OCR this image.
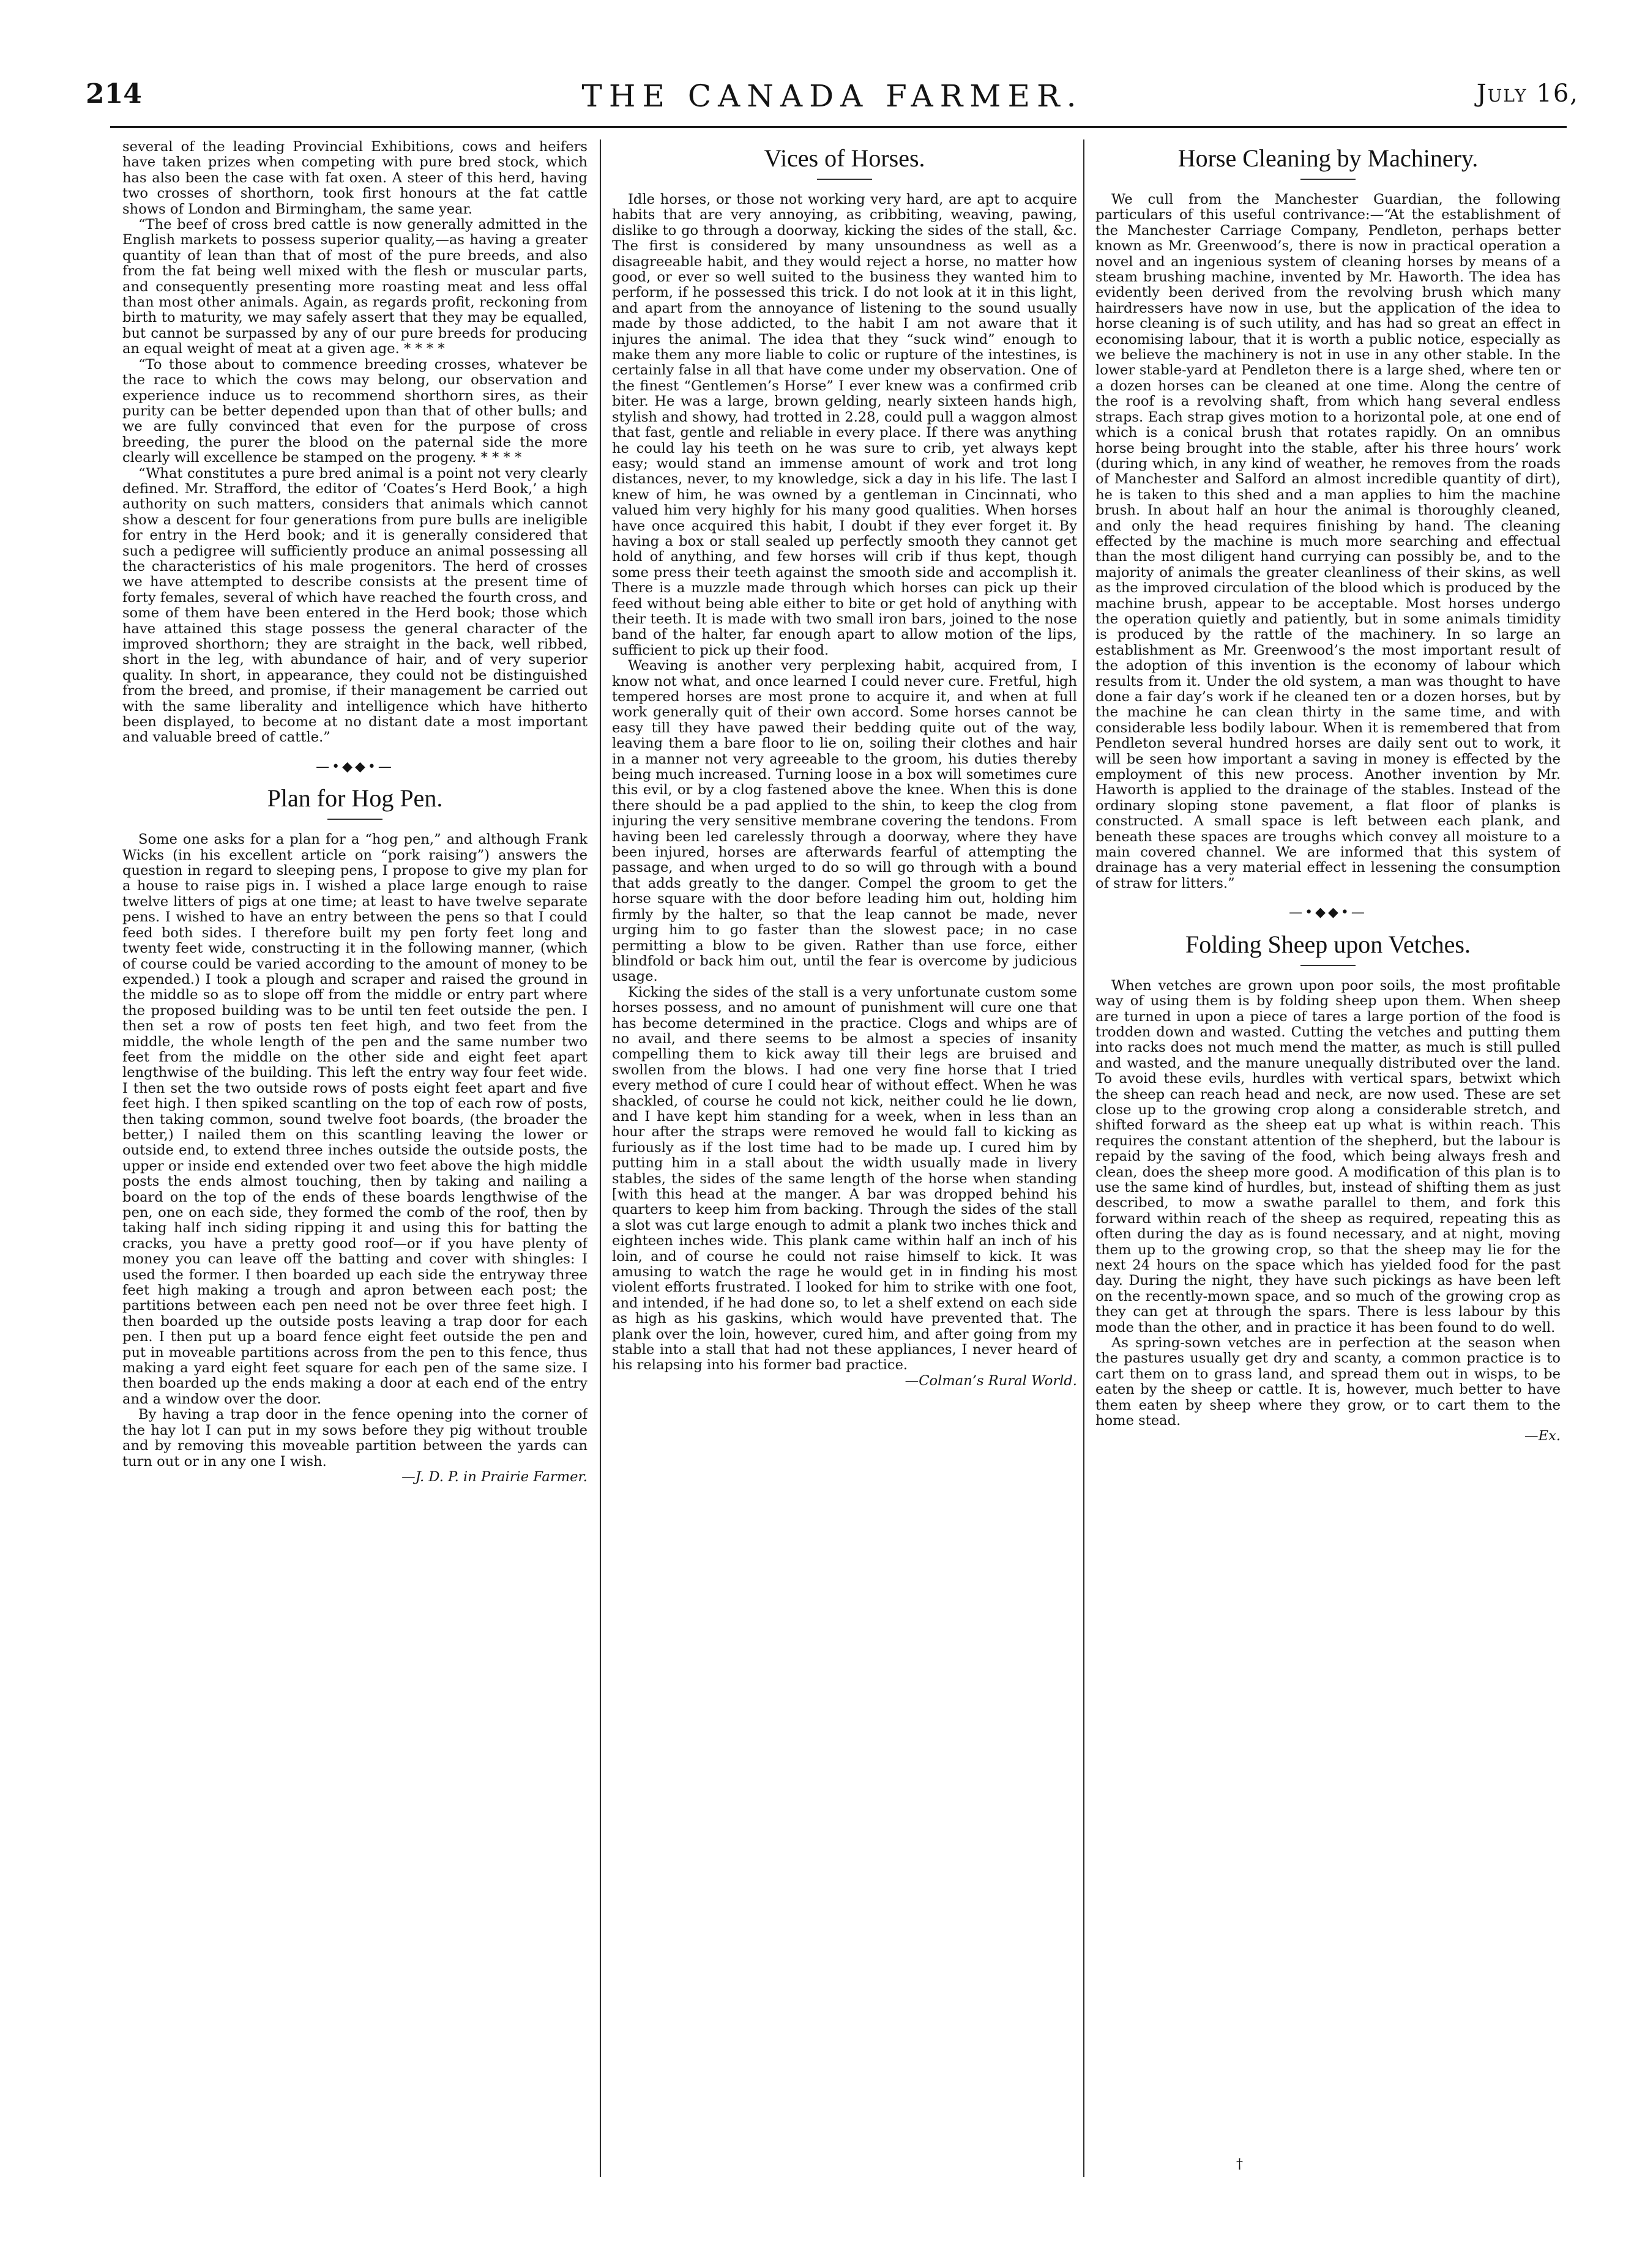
214	THE CANADA FARMER.	July 16,

several of the leading Provincial Exhibitions, cows and heifers have taken prizes when competing with pure bred stock, which has also been the case with fat oxen. A steer of this herd, having two crosses of shorthorn, took first honours at the fat cattle shows of London and Birmingham, the same year.

“The beef of cross bred cattle is now generally admitted in the English markets to possess superior quality,—as having a greater quantity of lean than that of most of the pure breeds, and also from the fat being well mixed with the flesh or muscular parts, and consequently presenting more roasting meat and less offal than most other animals. Again, as regards profit, reckoning from birth to maturity, we may safely assert that they may be equalled, but cannot be surpassed by any of our pure breeds for producing an equal weight of meat at a given age. * * * *

“To those about to commence breeding crosses, whatever be the race to which the cows may belong, our observation and experience induce us to recommend shorthorn sires, as their purity can be better depended upon than that of other bulls; and we are fully convinced that even for the purpose of cross breeding, the purer the blood on the paternal side the more clearly will excellence be stamped on the progeny. * * * *

“What constitutes a pure bred animal is a point not very clearly defined. Mr. Strafford, the editor of ‘Coates’s Herd Book,’ a high authority on such matters, considers that animals which cannot show a descent for four generations from pure bulls are ineligible for entry in the Herd book; and it is generally considered that such a pedigree will sufficiently produce an animal possessing all the characteristics of his male progenitors. The herd of crosses we have attempted to describe consists at the present time of forty females, several of which have reached the fourth cross, and some of them have been entered in the Herd book; those which have attained this stage possess the general character of the improved shorthorn; they are straight in the back, well ribbed, short in the leg, with abundance of hair, and of very superior quality. In short, in appearance, they could not be distinguished from the breed, and promise, if their management be carried out with the same liberality and intelligence which have hitherto been displayed, to become at no distant date a most important and valuable breed of cattle.”

—•◆◆•—
Plan for Hog Pen.

Some one asks for a plan for a “hog pen,” and although Frank Wicks (in his excellent article on “pork raising”) answers the question in regard to sleeping pens, I propose to give my plan for a house to raise pigs in. I wished a place large enough to raise twelve litters of pigs at one time; at least to have twelve separate pens. I wished to have an entry between the pens so that I could feed both sides. I therefore built my pen forty feet long and twenty feet wide, constructing it in the following manner, (which of course could be varied according to the amount of money to be expended.) I took a plough and scraper and raised the ground in the middle so as to slope off from the middle or entry part where the proposed building was to be until ten feet outside the pen. I then set a row of posts ten feet high, and two feet from the middle, the whole length of the pen and the same number two feet from the middle on the other side and eight feet apart lengthwise of the building. This left the entry way four feet wide. I then set the two outside rows of posts eight feet apart and five feet high. I then spiked scantling on the top of each row of posts, then taking common, sound twelve foot boards, (the broader the better,) I nailed them on this scantling leaving the lower or outside end, to extend three inches outside the outside posts, the upper or inside end extended over two feet above the high middle posts the ends almost touching, then by taking and nailing a board on the top of the ends of these boards lengthwise of the pen, one on each side, they formed the comb of the roof, then by taking half inch siding ripping it and using this for batting the cracks, you have a pretty good roof—or if you have plenty of money you can leave off the batting and cover with shingles: I used the former. I then boarded up each side the entryway three feet high making a trough and apron between each post; the partitions between each pen need not be over three feet high. I then boarded up the outside posts leaving a trap door for each pen. I then put up a board fence eight feet outside the pen and put in moveable partitions across from the pen to this fence, thus making a yard eight feet square for each pen of the same size. I then boarded up the ends making a door at each end of the entry and a window over the door.

By having a trap door in the fence opening into the corner of the hay lot I can put in my sows before they pig without trouble and by removing this moveable partition between the yards can turn out or in any one I wish.

—J. D. P. in Prairie Farmer.

Vices of Horses.

Idle horses, or those not working very hard, are apt to acquire habits that are very annoying, as cribbiting, weaving, pawing, dislike to go through a doorway, kicking the sides of the stall, &c. The first is considered by many unsoundness as well as a disagreeable habit, and they would reject a horse, no matter how good, or ever so well suited to the business they wanted him to perform, if he possessed this trick. I do not look at it in this light, and apart from the annoyance of listening to the sound usually made by those addicted, to the habit I am not aware that it injures the animal. The idea that they “suck wind” enough to make them any more liable to colic or rupture of the intestines, is certainly false in all that have come under my observation. One of the finest “Gentlemen’s Horse” I ever knew was a confirmed crib biter. He was a large, brown gelding, nearly sixteen hands high, stylish and showy, had trotted in 2.28, could pull a waggon almost that fast, gentle and reliable in every place. If there was anything he could lay his teeth on he was sure to crib, yet always kept easy; would stand an immense amount of work and trot long distances, never, to my knowledge, sick a day in his life. The last I knew of him, he was owned by a gentleman in Cincinnati, who valued him very highly for his many good qualities. When horses have once acquired this habit, I doubt if they ever forget it. By having a box or stall sealed up perfectly smooth they cannot get hold of anything, and few horses will crib if thus kept, though some press their teeth against the smooth side and accomplish it. There is a muzzle made through which horses can pick up their feed without being able either to bite or get hold of anything with their teeth. It is made with two small iron bars, joined to the nose band of the halter, far enough apart to allow motion of the lips, sufficient to pick up their food.

Weaving is another very perplexing habit, acquired from, I know not what, and once learned I could never cure. Fretful, high tempered horses are most prone to acquire it, and when at full work generally quit of their own accord. Some horses cannot be easy till they have pawed their bedding quite out of the way, leaving them a bare floor to lie on, soiling their clothes and hair in a manner not very agreeable to the groom, his duties thereby being much increased. Turning loose in a box will sometimes cure this evil, or by a clog fastened above the knee. When this is done there should be a pad applied to the shin, to keep the clog from injuring the very sensitive membrane covering the tendons. From having been led carelessly through a doorway, where they have been injured, horses are afterwards fearful of attempting the passage, and when urged to do so will go through with a bound that adds greatly to the danger. Compel the groom to get the horse square with the door before leading him out, holding him firmly by the halter, so that the leap cannot be made, never urging him to go faster than the slowest pace; in no case permitting a blow to be given. Rather than use force, either blindfold or back him out, until the fear is overcome by judicious usage.

Kicking the sides of the stall is a very unfortunate custom some horses possess, and no amount of punishment will cure one that has become determined in the practice. Clogs and whips are of no avail, and there seems to be almost a species of insanity compelling them to kick away till their legs are bruised and swollen from the blows. I had one very fine horse that I tried every method of cure I could hear of without effect. When he was shackled, of course he could not kick, neither could he lie down, and I have kept him standing for a week, when in less than an hour after the straps were removed he would fall to kicking as furiously as if the lost time had to be made up. I cured him by putting him in a stall about the width usually made in livery stables, the sides of the same length of the horse when standing [with this head at the manger. A bar was dropped behind his quarters to keep him from backing. Through the sides of the stall a slot was cut large enough to admit a plank two inches thick and eighteen inches wide. This plank came within half an inch of his loin, and of course he could not raise himself to kick. It was amusing to watch the rage he would get in in finding his most violent efforts frustrated. I looked for him to strike with one foot, and intended, if he had done so, to let a shelf extend on each side as high as his gaskins, which would have prevented that. The plank over the loin, however, cured him, and after going from my stable into a stall that had not these appliances, I never heard of his relapsing into his former bad practice.

—Colman’s Rural World.

Horse Cleaning by Machinery.

We cull from the Manchester Guardian, the following particulars of this useful contrivance:—“At the establishment of the Manchester Carriage Company, Pendleton, perhaps better known as Mr. Greenwood’s, there is now in practical operation a novel and an ingenious system of cleaning horses by means of a steam brushing machine, invented by Mr. Haworth. The idea has evidently been derived from the revolving brush which many hairdressers have now in use, but the application of the idea to horse cleaning is of such utility, and has had so great an effect in economising labour, that it is worth a public notice, especially as we believe the machinery is not in use in any other stable. In the lower stable-yard at Pendleton there is a large shed, where ten or a dozen horses can be cleaned at one time. Along the centre of the roof is a revolving shaft, from which hang several endless straps. Each strap gives motion to a horizontal pole, at one end of which is a conical brush that rotates rapidly. On an omnibus horse being brought into the stable, after his three hours’ work (during which, in any kind of weather, he removes from the roads of Manchester and Salford an almost incredible quantity of dirt), he is taken to this shed and a man applies to him the machine brush. In about half an hour the animal is thoroughly cleaned, and only the head requires finishing by hand. The cleaning effected by the machine is much more searching and effectual than the most diligent hand currying can possibly be, and to the majority of animals the greater cleanliness of their skins, as well as the improved circulation of the blood which is produced by the machine brush, appear to be acceptable. Most horses undergo the operation quietly and patiently, but in some animals timidity is produced by the rattle of the machinery. In so large an establishment as Mr. Greenwood’s the most important result of the adoption of this invention is the economy of labour which results from it. Under the old system, a man was thought to have done a fair day’s work if he cleaned ten or a dozen horses, but by the machine he can clean thirty in the same time, and with considerable less bodily labour. When it is remembered that from Pendleton several hundred horses are daily sent out to work, it will be seen how important a saving in money is effected by the employment of this new process. Another invention by Mr. Haworth is applied to the drainage of the stables. Instead of the ordinary sloping stone pavement, a flat floor of planks is constructed. A small space is left between each plank, and beneath these spaces are troughs which convey all moisture to a main covered channel. We are informed that this system of drainage has a very material effect in lessening the consumption of straw for litters.”

—•◆◆•—
Folding Sheep upon Vetches.

When vetches are grown upon poor soils, the most profitable way of using them is by folding sheep upon them. When sheep are turned in upon a piece of tares a large portion of the food is trodden down and wasted. Cutting the vetches and putting them into racks does not much mend the matter, as much is still pulled and wasted, and the manure unequally distributed over the land. To avoid these evils, hurdles with vertical spars, betwixt which the sheep can reach head and neck, are now used. These are set close up to the growing crop along a considerable stretch, and shifted forward as the sheep eat up what is within reach. This requires the constant attention of the shepherd, but the labour is repaid by the saving of the food, which being always fresh and clean, does the sheep more good. A modification of this plan is to use the same kind of hurdles, but, instead of shifting them as just described, to mow a swathe parallel to them, and fork this forward within reach of the sheep as required, repeating this as often during the day as is found necessary, and at night, moving them up to the growing crop, so that the sheep may lie for the next 24 hours on the space which has yielded food for the past day. During the night, they have such pickings as have been left on the recently-mown space, and so much of the growing crop as they can get at through the spars. There is less labour by this mode than the other, and in practice it has been found to do well.

As spring-sown vetches are in perfection at the season when the pastures usually get dry and scanty, a common practice is to cart them on to grass land, and spread them out in wisps, to be eaten by the sheep or cattle. It is, however, much better to have them eaten by sheep where they grow, or to cart them to the home stead.

—Ex.

†
